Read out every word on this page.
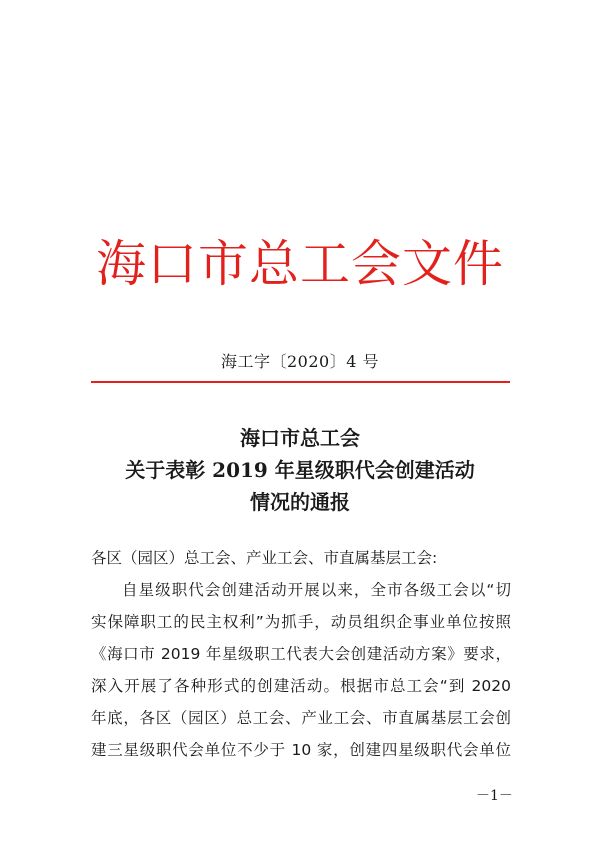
海口市总工会文件
海工字〔2020〕4 号
海口市总工会
关于表彰 2019 年星级职代会创建活动
情况的通报
各区（园区）总工会、产业工会、市直属基层工会:
自星级职代会创建活动开展以来，全市各级工会以“切
实保障职工的民主权利”为抓手，动员组织企事业单位按照
《海口市 2019 年星级职工代表大会创建活动方案》要求，
深入开展了各种形式的创建活动。根据市总工会“到 2020
年底，各区（园区）总工会、产业工会、市直属基层工会创
建三星级职代会单位不少于 10 家，创建四星级职代会单位
－1－
